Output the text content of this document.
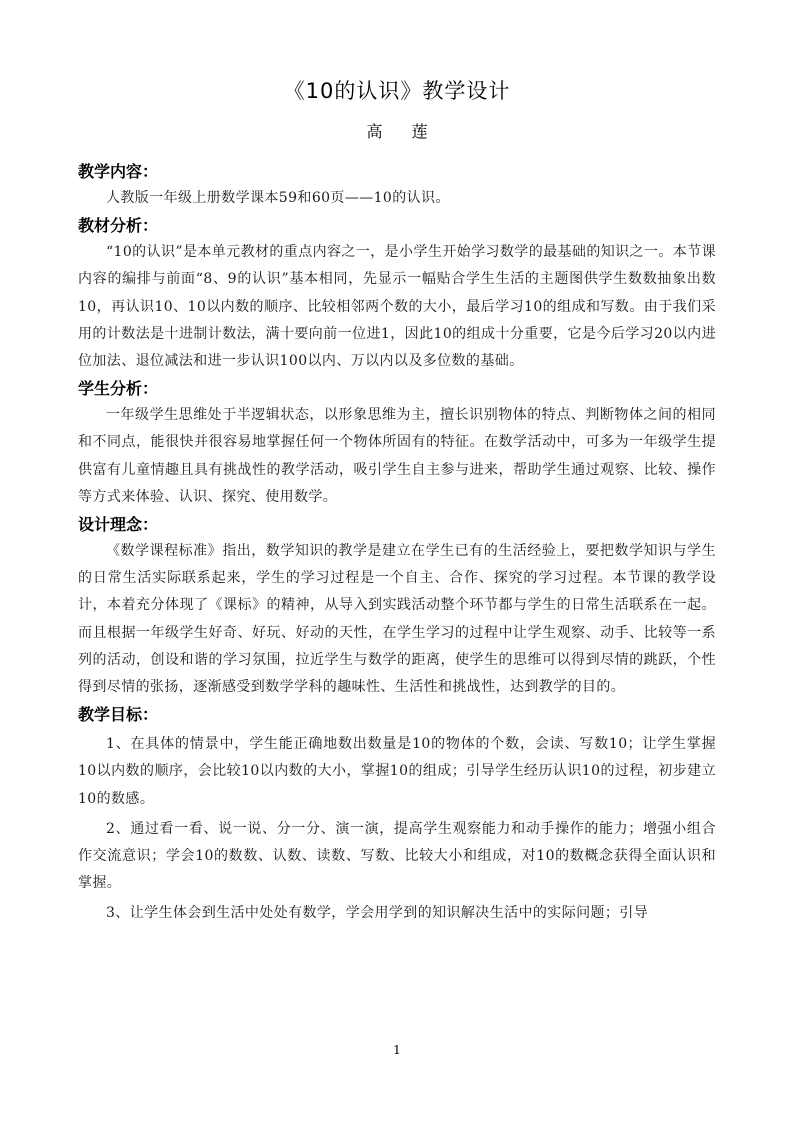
《10的认识》教学设计
高 莲

教学内容：

人教版一年级上册数学课本59和60页——10的认识。

教材分析：

“10的认识”是本单元教材的重点内容之一，是小学生开始学习数学的最基础的知识之一。本节课内容的编排与前面“8、9的认识”基本相同，先显示一幅贴合学生生活的主题图供学生数数抽象出数10，再认识10、10以内数的顺序、比较相邻两个数的大小，最后学习10的组成和写数。由于我们采用的计数法是十进制计数法，满十要向前一位进1，因此10的组成十分重要，它是今后学习20以内进位加法、退位减法和进一步认识100以内、万以内以及多位数的基础。

学生分析：

一年级学生思维处于半逻辑状态，以形象思维为主，擅长识别物体的特点、判断物体之间的相同和不同点，能很快并很容易地掌握任何一个物体所固有的特征。在数学活动中，可多为一年级学生提供富有儿童情趣且具有挑战性的教学活动，吸引学生自主参与进来，帮助学生通过观察、比较、操作等方式来体验、认识、探究、使用数学。

设计理念：

《数学课程标准》指出，数学知识的教学是建立在学生已有的生活经验上，要把数学知识与学生的日常生活实际联系起来，学生的学习过程是一个自主、合作、探究的学习过程。本节课的教学设计，本着充分体现了《课标》的精神，从导入到实践活动整个环节都与学生的日常生活联系在一起。而且根据一年级学生好奇、好玩、好动的天性，在学生学习的过程中让学生观察、动手、比较等一系列的活动，创设和谐的学习氛围，拉近学生与数学的距离，使学生的思维可以得到尽情的跳跃，个性得到尽情的张扬，逐渐感受到数学学科的趣味性、生活性和挑战性，达到教学的目的。

教学目标：

1、在具体的情景中，学生能正确地数出数量是10的物体的个数，会读、写数10；让学生掌握10以内数的顺序，会比较10以内数的大小，掌握10的组成；引导学生经历认识10的过程，初步建立10的数感。

2、通过看一看、说一说、分一分、演一演，提高学生观察能力和动手操作的能力；增强小组合作交流意识；学会10的数数、认数、读数、写数、比较大小和组成，对10的数概念获得全面认识和掌握。

3、让学生体会到生活中处处有数学，学会用学到的知识解决生活中的实际问题；引导

1
